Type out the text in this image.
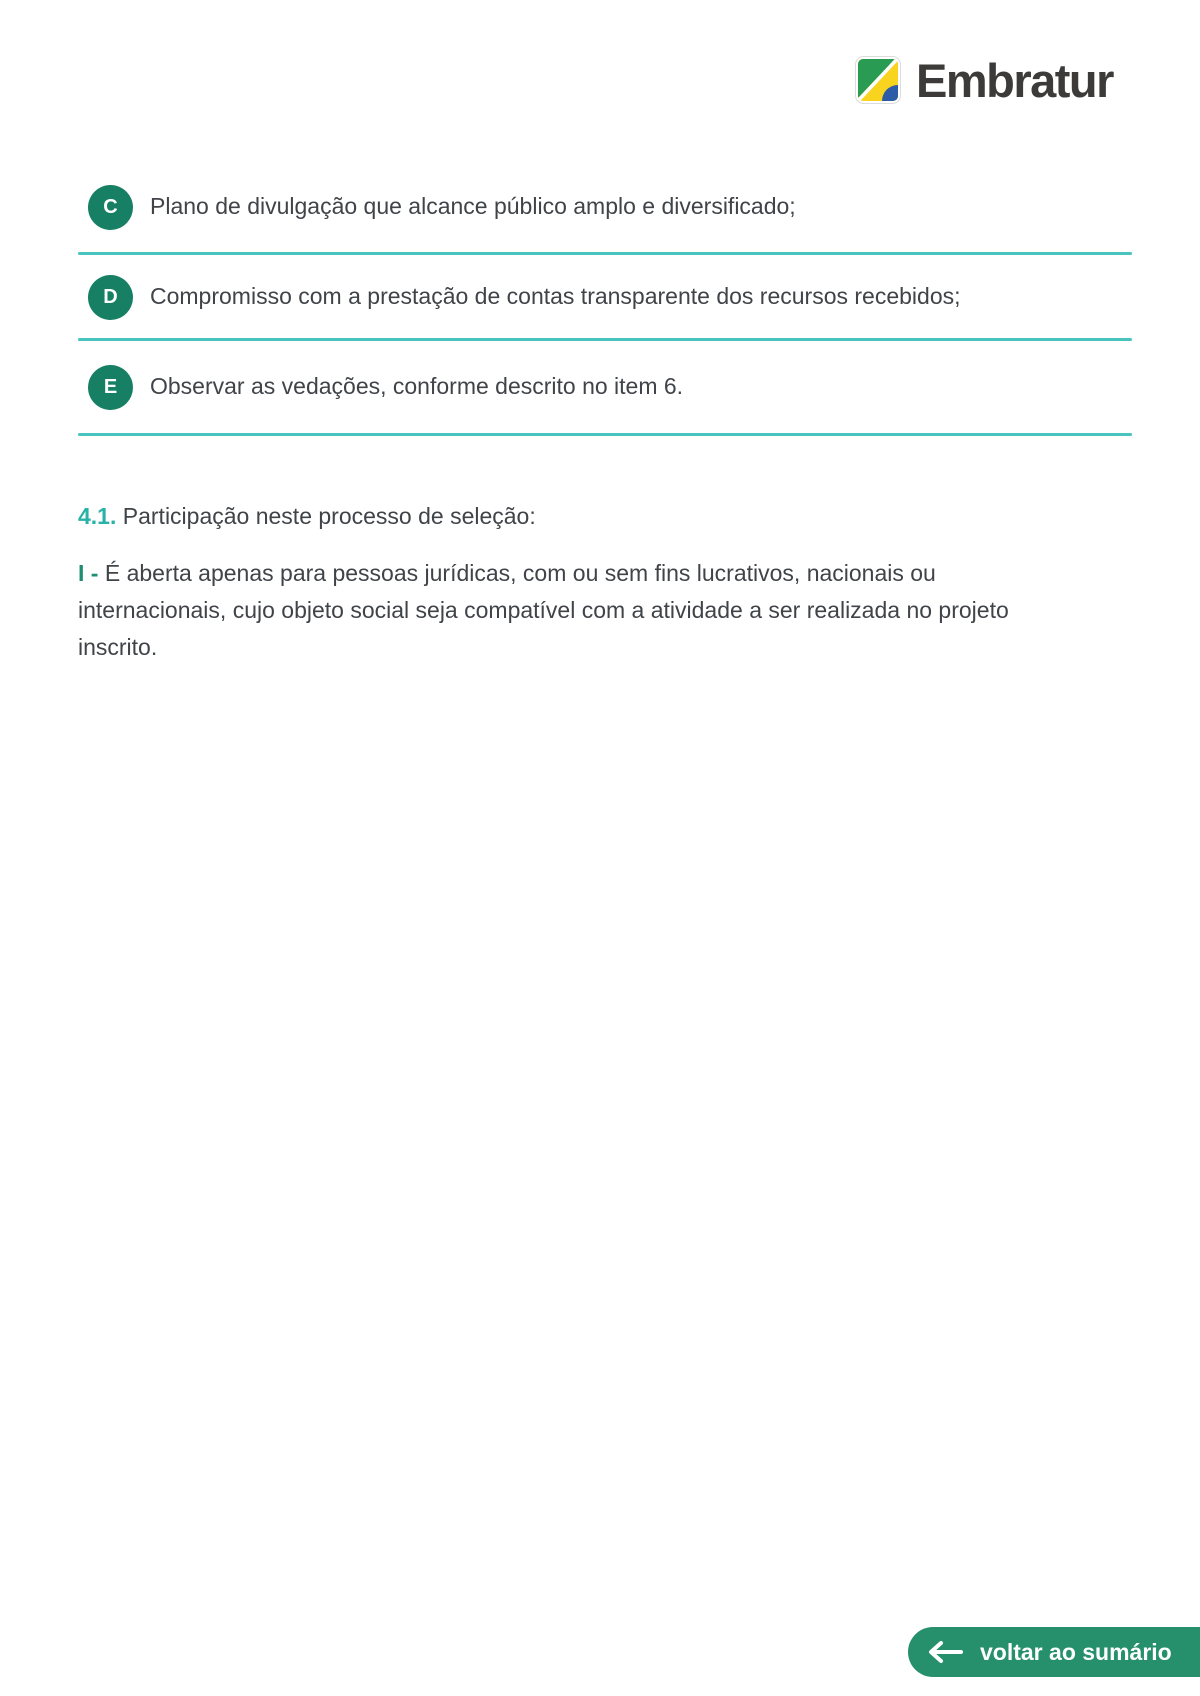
Embratur
C	Plano de divulgação que alcance público amplo e diversificado;
D	Compromisso com a prestação de contas transparente dos recursos recebidos;
E	Observar as vedações, conforme descrito no item 6.

4.1. Participação neste processo de seleção:

I - É aberta apenas para pessoas jurídicas, com ou sem fins lucrativos, nacionais ou internacionais, cujo objeto social seja compatível com a atividade a ser realizada no projeto inscrito.

voltar ao sumário
